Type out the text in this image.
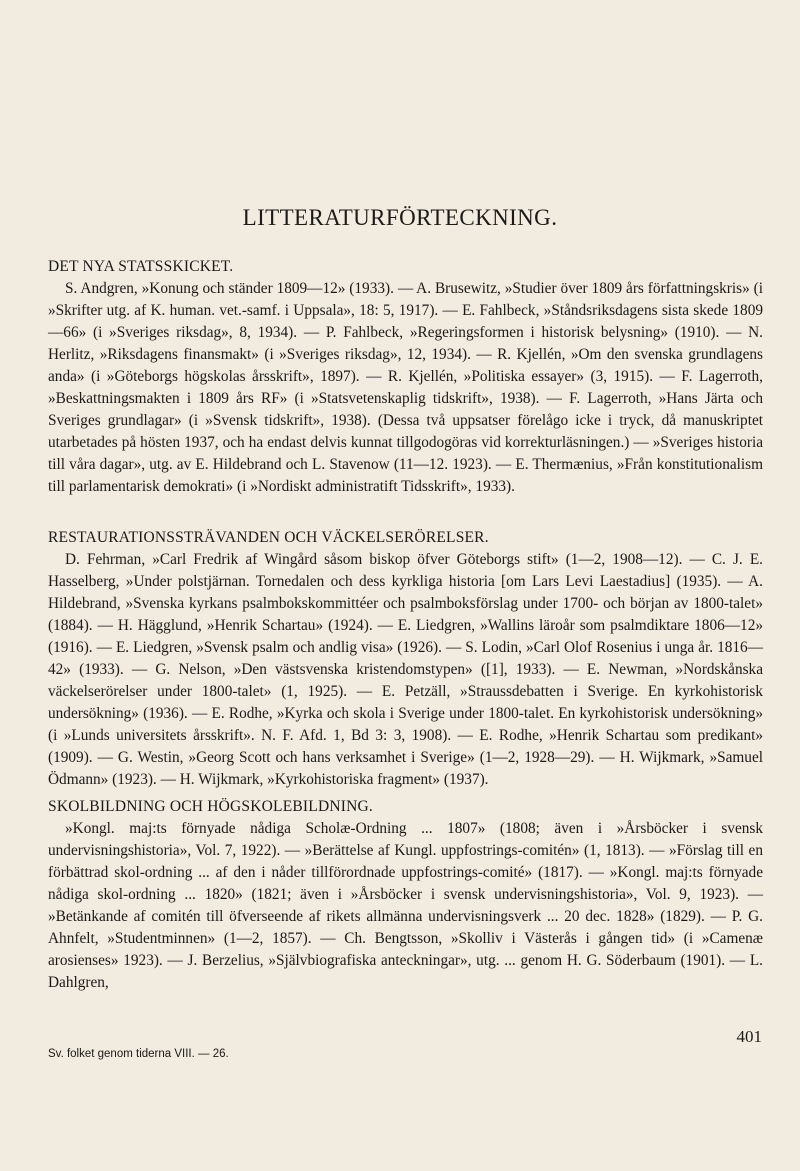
LITTERATURFÖRTECKNING.
DET NYA STATSSKICKET.

S. Andgren, »Konung och ständer 1809—12» (1933). — A. Brusewitz, »Studier över 1809 års författningskris» (i »Skrifter utg. af K. human. vet.-samf. i Uppsala», 18: 5, 1917). — E. Fahlbeck, »Ståndsriksdagens sista skede 1809—66» (i »Sveriges riksdag», 8, 1934). — P. Fahlbeck, »Regeringsformen i historisk belysning» (1910). — N. Herlitz, »Riksdagens finansmakt» (i »Sveriges riksdag», 12, 1934). — R. Kjellén, »Om den svenska grundlagens anda» (i »Göteborgs högskolas årsskrift», 1897). — R. Kjellén, »Politiska essayer» (3, 1915). — F. Lagerroth, »Beskattningsmakten i 1809 års RF» (i »Statsvetenskaplig tidskrift», 1938). — F. Lagerroth, »Hans Järta och Sveriges grundlagar» (i »Svensk tidskrift», 1938). (Dessa två uppsatser förelågo icke i tryck, då manuskriptet utarbetades på hösten 1937, och ha endast delvis kunnat tillgodogöras vid korrekturläsningen.) — »Sveriges historia till våra dagar», utg. av E. Hildebrand och L. Stavenow (11—12. 1923). — E. Thermænius, »Från konstitutionalism till parlamentarisk demokrati» (i »Nordiskt administratift Tidsskrift», 1933).

RESTAURATIONSSTRÄVANDEN OCH VÄCKELSERÖRELSER.

D. Fehrman, »Carl Fredrik af Wingård såsom biskop öfver Göteborgs stift» (1—2, 1908—12). — C. J. E. Hasselberg, »Under polstjärnan. Tornedalen och dess kyrkliga historia [om Lars Levi Laestadius] (1935). — A. Hildebrand, »Svenska kyrkans psalmbokskommittéer och psalmboksförslag under 1700- och början av 1800-talet» (1884). — H. Hägglund, »Henrik Schartau» (1924). — E. Liedgren, »Wallins läroår som psalmdiktare 1806—12» (1916). — E. Liedgren, »Svensk psalm och andlig visa» (1926). — S. Lodin, »Carl Olof Rosenius i unga år. 1816—42» (1933). — G. Nelson, »Den västsvenska kristendomstypen» ([1], 1933). — E. Newman, »Nordskånska väckelserörelser under 1800-talet» (1, 1925). — E. Petzäll, »Straussdebatten i Sverige. En kyrkohistorisk undersökning» (1936). — E. Rodhe, »Kyrka och skola i Sverige under 1800-talet. En kyrkohistorisk undersökning» (i »Lunds universitets årsskrift». N. F. Afd. 1, Bd 3: 3, 1908). — E. Rodhe, »Henrik Schartau som predikant» (1909). — G. Westin, »Georg Scott och hans verksamhet i Sverige» (1—2, 1928—29). — H. Wijkmark, »Samuel Ödmann» (1923). — H. Wijkmark, »Kyrkohistoriska fragment» (1937).

SKOLBILDNING OCH HÖGSKOLEBILDNING.

»Kongl. maj:ts förnyade nådiga Scholæ-Ordning ... 1807» (1808; även i »Årsböcker i svensk undervisningshistoria», Vol. 7, 1922). — »Berättelse af Kungl. uppfostrings-comitén» (1, 1813). — »Förslag till en förbättrad skol-ordning ... af den i nåder tillförordnade uppfostrings-comité» (1817). — »Kongl. maj:ts förnyade nådiga skol-ordning ... 1820» (1821; även i »Årsböcker i svensk undervisningshistoria», Vol. 9, 1923). — »Betänkande af comitén till öfverseende af rikets allmänna undervisningsverk ... 20 dec. 1828» (1829). — P. G. Ahnfelt, »Studentminnen» (1—2, 1857). — Ch. Bengtsson, »Skolliv i Västerås i gången tid» (i »Camenæ arosienses» 1923). — J. Berzelius, »Självbiografiska anteckningar», utg. ... genom H. G. Söderbaum (1901). — L. Dahlgren,

401
Sv. folket genom tiderna VIII. — 26.
